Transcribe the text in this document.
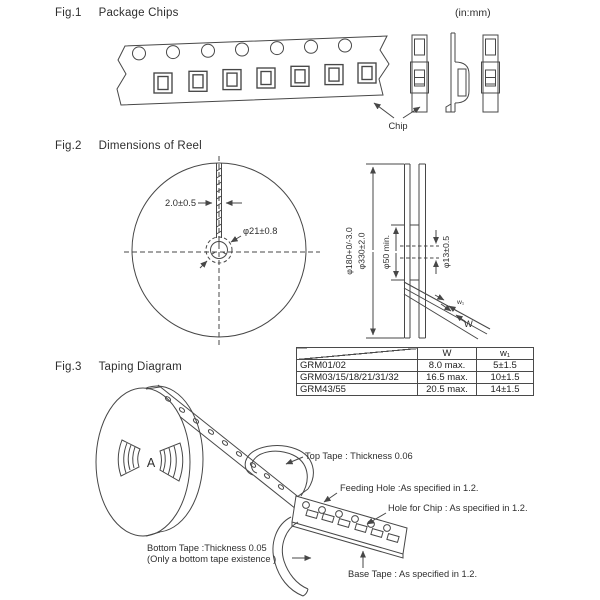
Chip
2.0±0.5
φ21±0.8	φ180+0/-3.0 φ330±2.0 φ50 min.	φ13±0.5
w₁
W
A	Top Tape : Thickness 0.06
Feeding Hole :As specified in 1.2.
Hole for Chip : As specified in 1.2.
Base Tape : As specified in 1.2.
Bottom Tape :Thickness 0.05
(Only a bottom tape existence )
Fig.1 Package Chips	(in:mm)
Fig.2 Dimensions of Reel
Fig.3 Taping Diagram
	W	w₁
GRM01/02	8.0 max.	5±1.5
GRM03/15/18/21/31/32	16.5 max.	10±1.5
GRM43/55	20.5 max.	14±1.5
